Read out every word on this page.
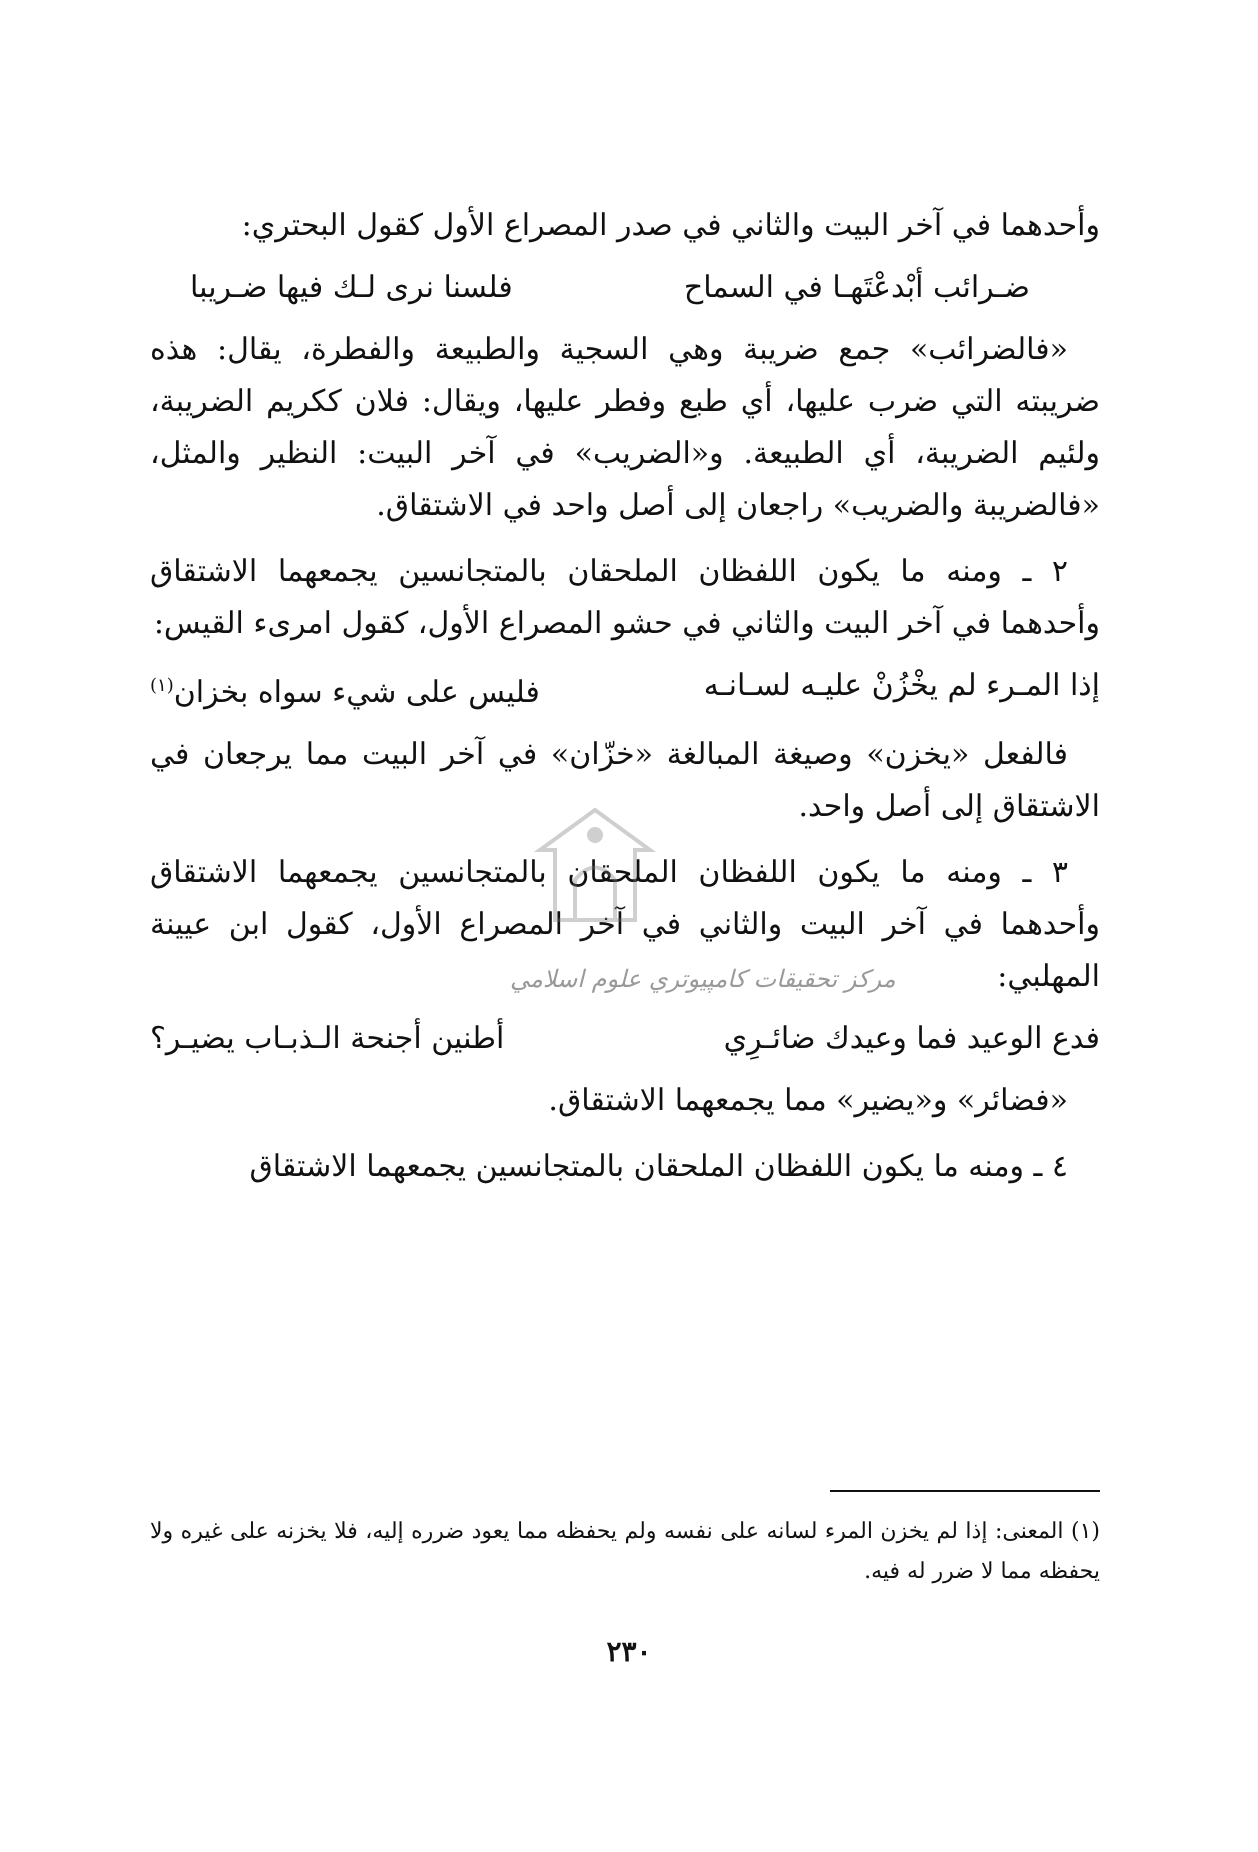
وأحدهما في آخر البيت والثاني في صدر المصراع الأول كقول البحتري:

ضـرائب أبْدعْتَهـا في السماح
فلسنا نرى لـك فيها ضـريبا

«فالضرائب» جمع ضريبة وهي السجية والطبيعة والفطرة، يقال: هذه ضريبته التي ضرب عليها، أي طبع وفطر عليها، ويقال: فلان ككريم الضريبة، ولئيم الضريبة، أي الطبيعة. و«الضريب» في آخر البيت: النظير والمثل، «فالضريبة والضريب» راجعان إلى أصل واحد في الاشتقاق.

٢ ـ ومنه ما يكون اللفظان الملحقان بالمتجانسين يجمعهما الاشتقاق وأحدهما في آخر البيت والثاني في حشو المصراع الأول، كقول امرىء القيس:

إذا المـرء لم يخْزُنْ عليـه لسـانـه
فليس على شيء سواه بخزان$^{(١)}$

فالفعل «يخزن» وصيغة المبالغة «خزّان» في آخر البيت مما يرجعان في الاشتقاق إلى أصل واحد.

٣ ـ ومنه ما يكون اللفظان الملحقان بالمتجانسين يجمعهما الاشتقاق وأحدهما في آخر البيت والثاني في آخر المصراع الأول، كقول ابن عيينة المهلبي:

فدع الوعيد فما وعيدك ضائـرِي
أطنين أجنحة الـذبـاب يضيـر؟

«فضائر» و«يضير» مما يجمعهما الاشتقاق.

٤ ـ ومنه ما يكون اللفظان الملحقان بالمتجانسين يجمعهما الاشتقاق

مركز تحقيقات كامپيوتري علوم اسلامي
(١) المعنى: إذا لم يخزن المرء لسانه على نفسه ولم يحفظه مما يعود ضرره إليه، فلا يخزنه على غيره ولا يحفظه مما لا ضرر له فيه.
٢٣٠
